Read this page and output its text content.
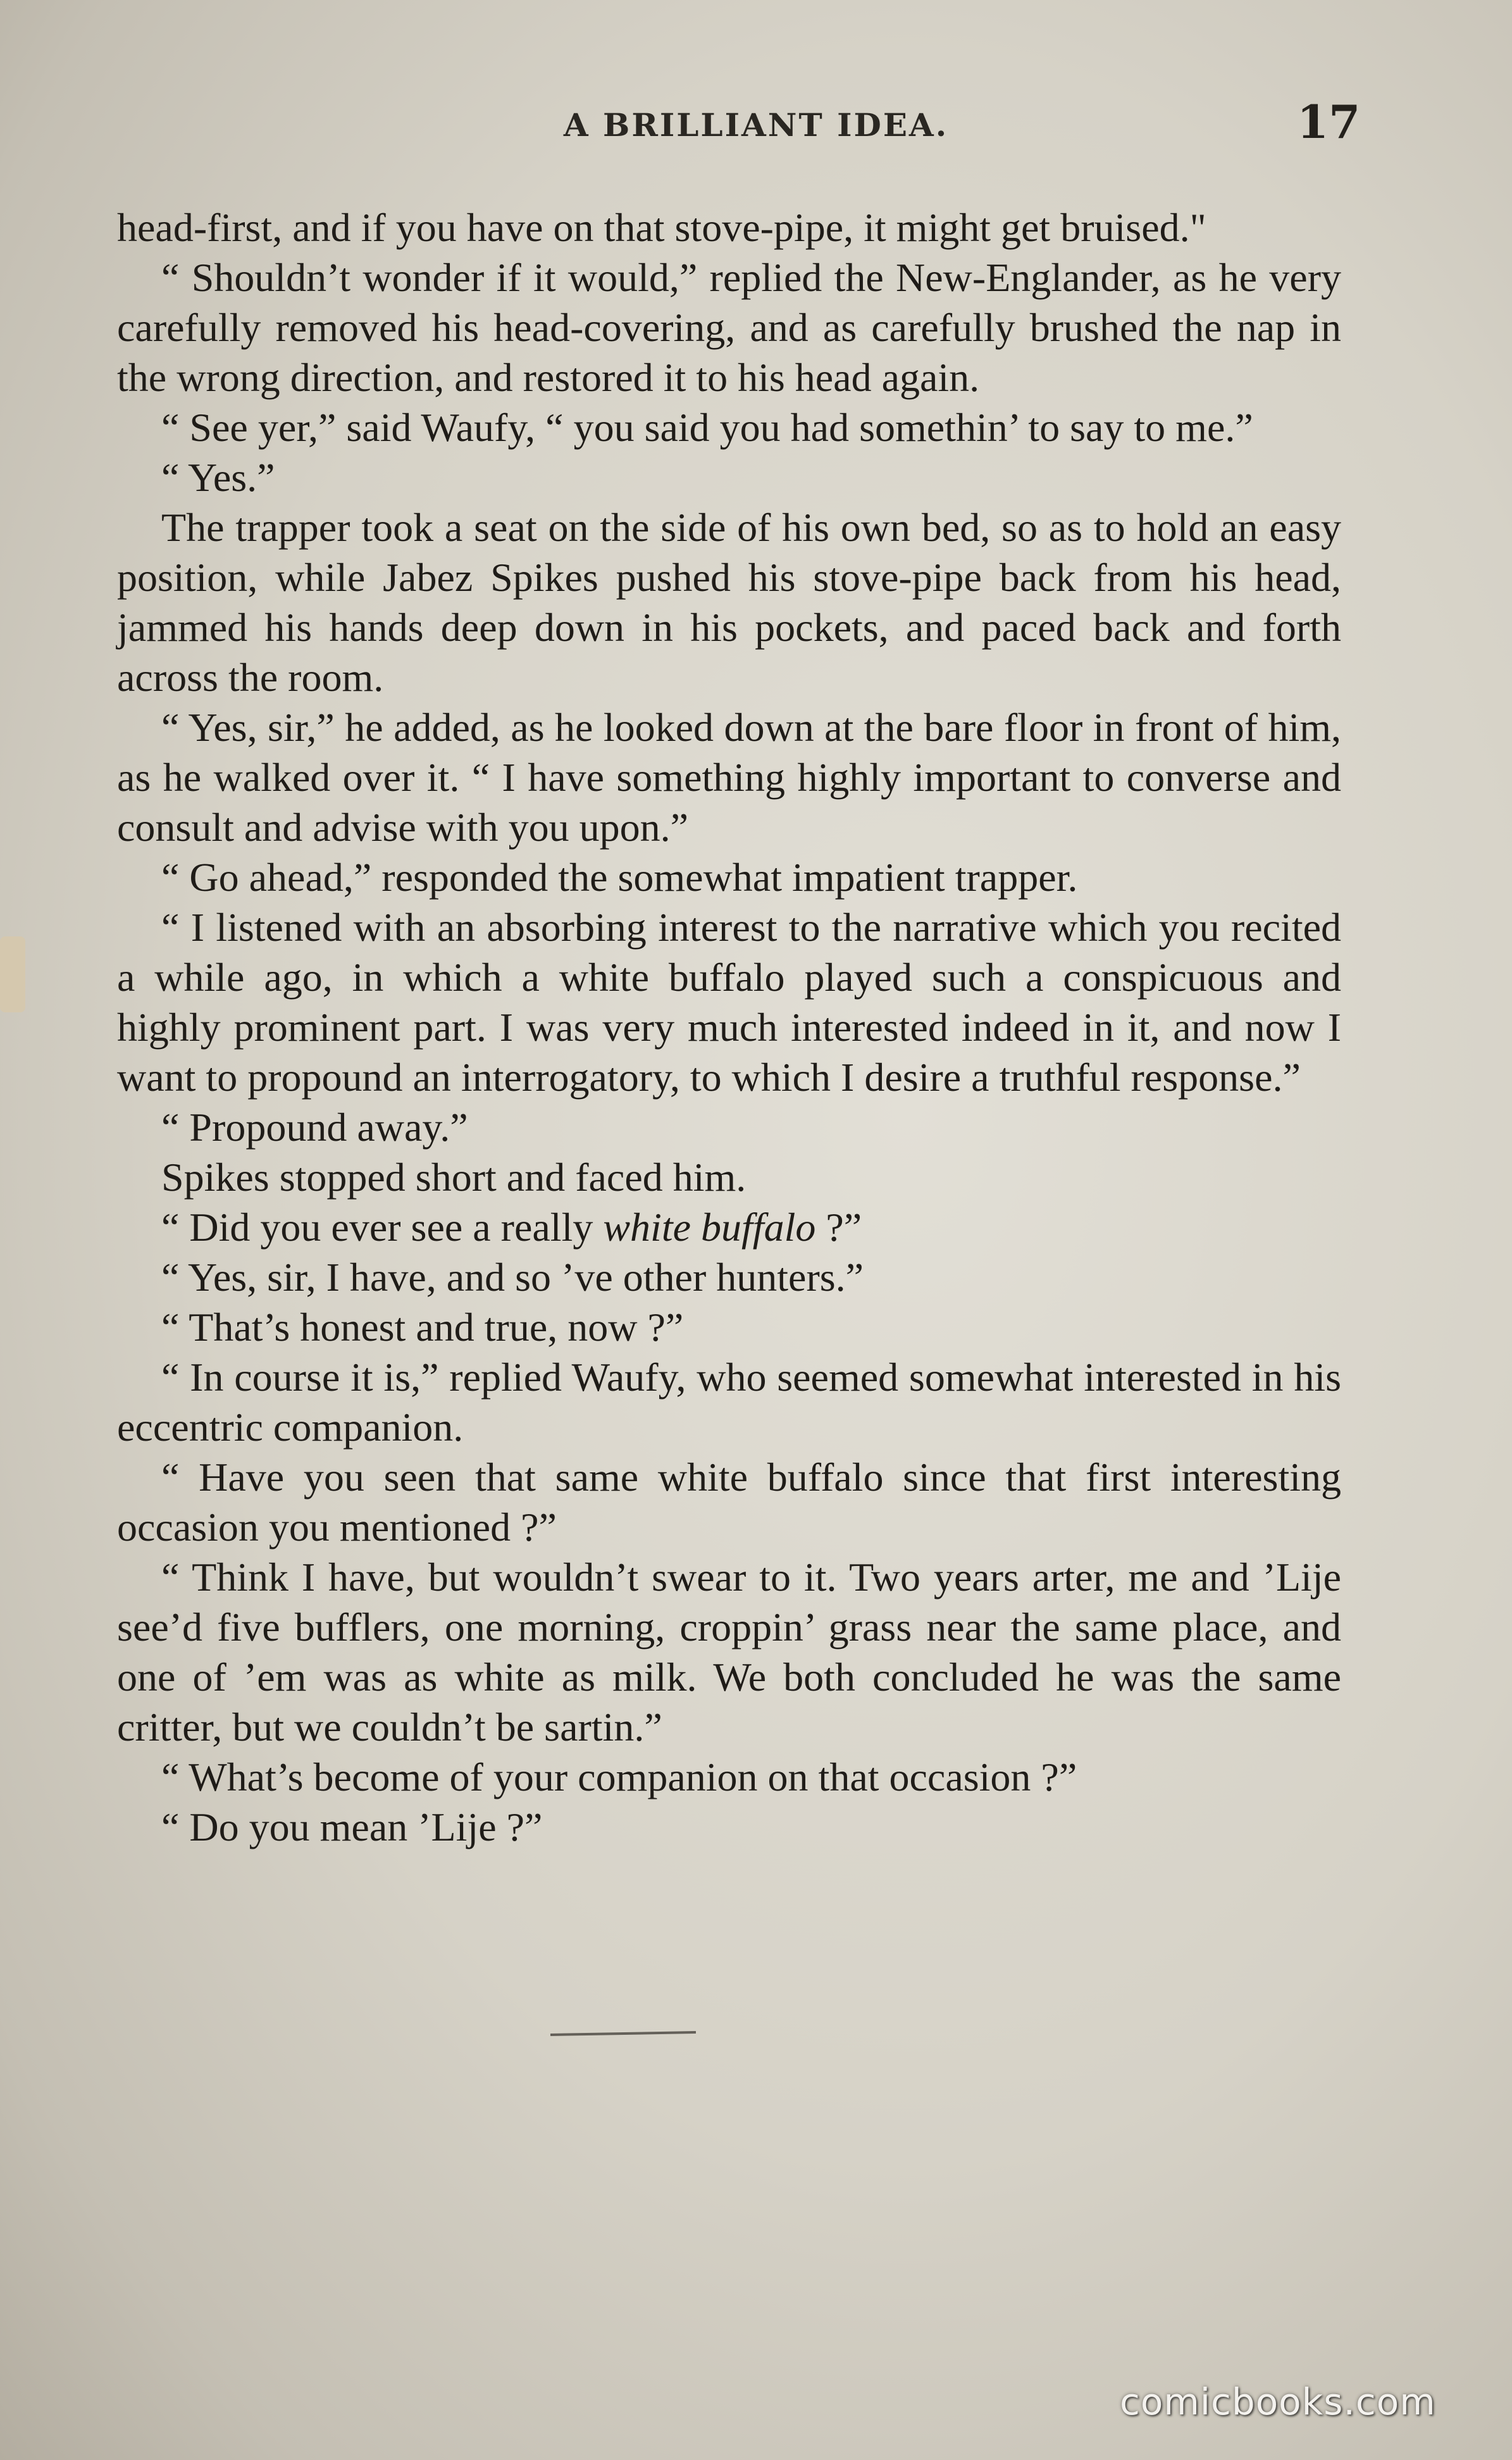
A BRILLIANT IDEA.	17

head-first, and if you have on that stove-pipe, it might get bruised."

“ Shouldn’t wonder if it would,” replied the New-Englander, as he very carefully removed his head-covering, and as carefully brushed the nap in the wrong direction, and restored it to his head again.

“ See yer,” said Waufy, “ you said you had somethin’ to say to me.”

“ Yes.”

The trapper took a seat on the side of his own bed, so as to hold an easy position, while Jabez Spikes pushed his stove-pipe back from his head, jammed his hands deep down in his pockets, and paced back and forth across the room.

“ Yes, sir,” he added, as he looked down at the bare floor in front of him, as he walked over it. “ I have something highly important to converse and consult and advise with you upon.”

“ Go ahead,” responded the somewhat impatient trapper.

“ I listened with an absorbing interest to the narrative which you recited a while ago, in which a white buffalo played such a conspicuous and highly prominent part. I was very much interested indeed in it, and now I want to propound an interrogatory, to which I desire a truthful response.”

“ Propound away.”

Spikes stopped short and faced him.

“ Did you ever see a really white buffalo ?”

“ Yes, sir, I have, and so ’ve other hunters.”

“ That’s honest and true, now ?”

“ In course it is,” replied Waufy, who seemed somewhat interested in his eccentric companion.

“ Have you seen that same white buffalo since that first interesting occasion you mentioned ?”

“ Think I have, but wouldn’t swear to it. Two years arter, me and ’Lije see’d five bufflers, one morning, croppin’ grass near the same place, and one of ’em was as white as milk. We both concluded he was the same critter, but we couldn’t be sartin.”

“ What’s become of your companion on that occasion ?”

“ Do you mean ’Lije ?”

comicbooks.com
